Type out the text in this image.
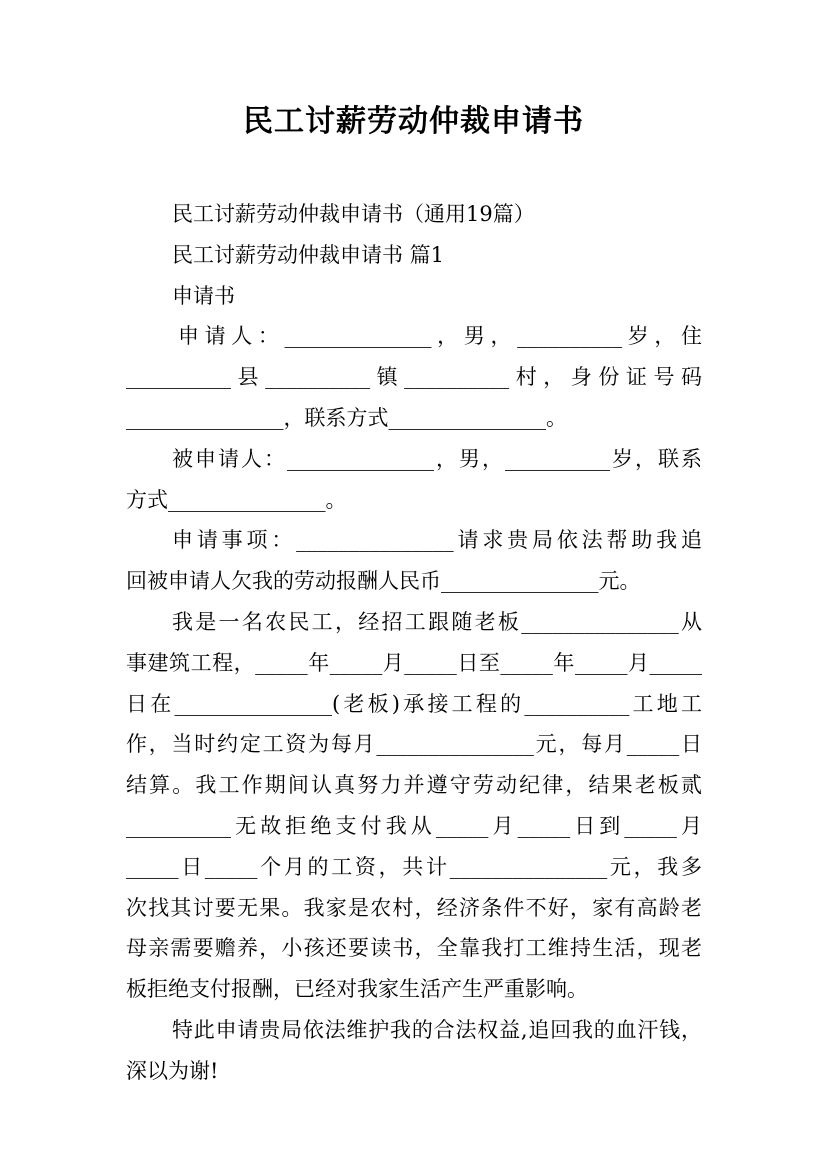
民工讨薪劳动仲裁申请书
民工讨薪劳动仲裁申请书（通用19篇）
民工讨薪劳动仲裁申请书 篇1
申请书
申请人：______________，男，__________岁，住
__________县__________镇__________村，身份证号码
_______________，联系方式_______________。
被申请人：______________，男，__________岁，联系
方式_______________。
申请事项：_______________请求贵局依法帮助我追
回被申请人欠我的劳动报酬人民币_______________元。
我是一名农民工，经招工跟随老板_______________从
事建筑工程，_____年_____月_____日至_____年_____月_____
日在_______________(老板)承接工程的__________工地工
作，当时约定工资为每月_______________元，每月_____日
结算。我工作期间认真努力并遵守劳动纪律，结果老板贰
__________无故拒绝支付我从_____月_____日到_____月
_____日_____个月的工资，共计_______________元，我多
次找其讨要无果。我家是农村，经济条件不好，家有高龄老
母亲需要赡养，小孩还要读书，全靠我打工维持生活，现老
板拒绝支付报酬，已经对我家生活产生严重影响。
特此申请贵局依法维护我的合法权益,追回我的血汗钱，
深以为谢!
